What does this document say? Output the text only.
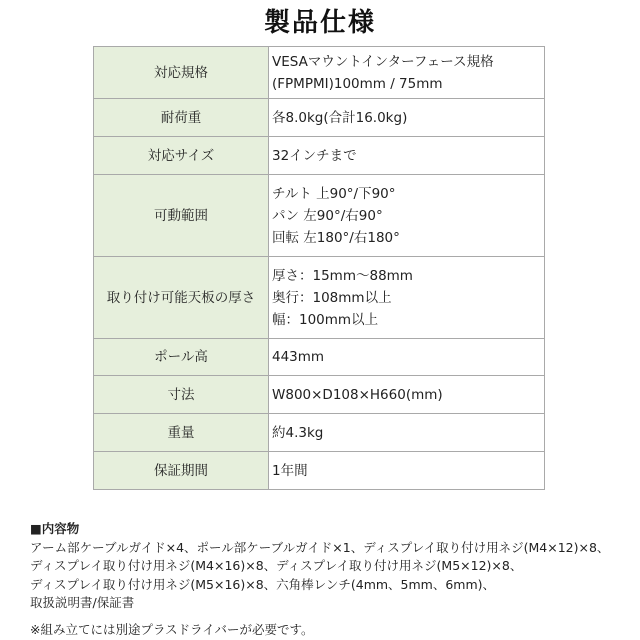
製品仕様
対応規格	VESAマウントインターフェース規格
(FPMPMI)100mm / 75mm

耐荷重	各8.0kg(合計16.0kg)

対応サイズ	32インチまで

可動範囲	チルト 上90°/下90°
パン 左90°/右90°
回転 左180°/右180°

取り付け可能天板の厚さ	厚さ：15mm～88mm
奥行：108mm以上
幅：100mm以上

ポール高	443mm

寸法	W800×D108×H660(mm)

重量	約4.3kg

保証期間	1年間
■内容物
アーム部ケーブルガイド×4、ポール部ケーブルガイド×1、ディスプレイ取り付け用ネジ(M4×12)×8、
ディスプレイ取り付け用ネジ(M4×16)×8、ディスプレイ取り付け用ネジ(M5×12)×8、
ディスプレイ取り付け用ネジ(M5×16)×8、六角棒レンチ(4mm、5mm、6mm)、
取扱説明書/保証書
※組み立てには別途プラスドライバーが必要です。
